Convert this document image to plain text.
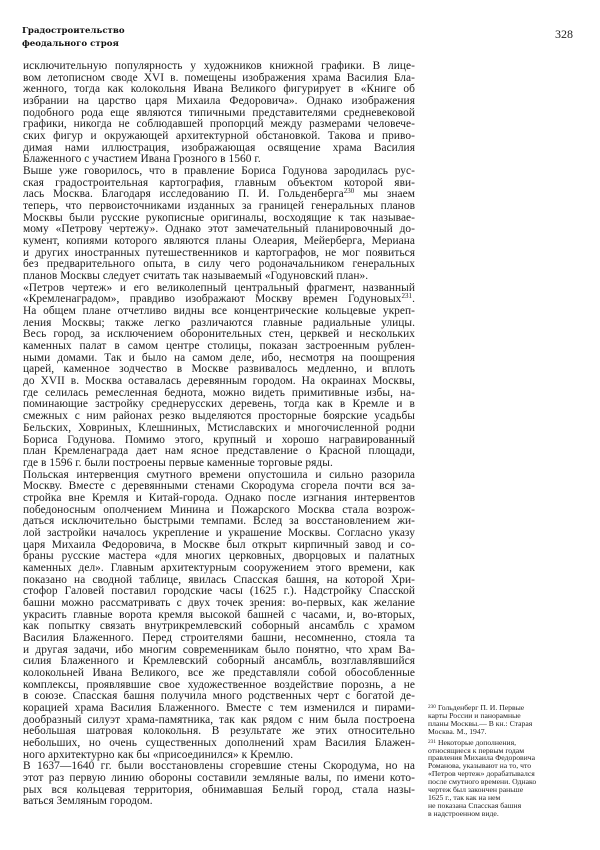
Градостроительство
феодального строя
328
исключительную популярность у художников книжной графики. В лице-
вом летописном своде XVI в. помещены изображения храма Василия Бла-
женного, тогда как колокольня Ивана Великого фигурирует в «Книге об
избрании на царство царя Михаила Федоровича». Однако изображения
подобного рода еще являются типичными представителями средневековой
графики, никогда не соблюдавшей пропорций между размерами человече-
ских фигур и окружающей архитектурной обстановкой. Такова и приво-
димая нами иллюстрация, изображающая освящение храма Василия
Блаженного с участием Ивана Грозного в 1560 г.
Выше уже говорилось, что в правление Бориса Годунова зародилась рус-
ская градостроительная картография, главным объектом которой яви-
лась Москва. Благодаря исследованию П. И. Гольденберга$^{230}$ мы знаем
теперь, что первоисточниками изданных за границей генеральных планов
Москвы были русские рукописные оригиналы, восходящие к так называе-
мому «Петрову чертежу». Однако этот замечательный планировочный до-
кумент, копиями которого являются планы Олеария, Мейерберга, Мериана
и других иностранных путешественников и картографов, не мог появиться
без предварительного опыта, в силу чего родоначальником генеральных
планов Москвы следует считать так называемый «Годуновский план».
«Петров чертеж» и его великолепный центральный фрагмент, названный
«Кремленаградом», правдиво изображают Москву времен Годуновых$^{231}$.
На общем плане отчетливо видны все концентрические кольцевые укреп-
ления Москвы; также легко различаются главные радиальные улицы.
Весь город, за исключением оборонительных стен, церквей и нескольких
каменных палат в самом центре столицы, показан застроенным рублен-
ными домами. Так и было на самом деле, ибо, несмотря на поощрения
царей, каменное зодчество в Москве развивалось медленно, и вплоть
до XVII в. Москва оставалась деревянным городом. На окраинах Москвы,
где селилась ремесленная беднота, можно видеть примитивные избы, на-
поминающие застройку среднерусских деревень, тогда как в Кремле и в
смежных с ним районах резко выделяются просторные боярские усадьбы
Бельских, Ховриных, Клешниных, Мстиславских и многочисленной родни
Бориса Годунова. Помимо этого, крупный и хорошо награвированный
план Кремленаграда дает нам ясное представление о Красной площади,
где в 1596 г. были построены первые каменные торговые ряды.
Польская интервенция смутного времени опустошила и сильно разорила
Москву. Вместе с деревянными стенами Скородума сгорела почти вся за-
стройка вне Кремля и Китай-города. Однако после изгнания интервентов
победоносным ополчением Минина и Пожарского Москва стала возрож-
даться исключительно быстрыми темпами. Вслед за восстановлением жи-
лой застройки началось укрепление и украшение Москвы. Согласно указу
царя Михаила Федоровича, в Москве был открыт кирпичный завод и со-
браны русские мастера «для многих церковных, дворцовых и палатных
каменных дел». Главным архитектурным сооружением этого времени, как
показано на сводной таблице, явилась Спасская башня, на которой Хри-
стофор Галовей поставил городские часы (1625 г.). Надстройку Спасской
башни можно рассматривать с двух точек зрения: во-первых, как желание
украсить главные ворота кремля высокой башней с часами, и, во-вторых,
как попытку связать внутрикремлевский соборный ансамбль с храмом
Василия Блаженного. Перед строителями башни, несомненно, стояла та
и другая задачи, ибо многим современникам было понятно, что храм Ва-
силия Блаженного и Кремлевский соборный ансамбль, возглавлявшийся
колокольней Ивана Великого, все же представляли собой обособленные
комплексы, проявлявшие свое художественное воздействие порознь, а не
в союзе. Спасская башня получила много родственных черт с богатой де-
корацией храма Василия Блаженного. Вместе с тем изменился и пирами-
дообразный силуэт храма-памятника, так как рядом с ним была построена
небольшая шатровая колокольня. В результате же этих относительно
небольших, но очень существенных дополнений храм Василия Блажен-
ного архитектурно как бы «присоединился» к Кремлю.
В 1637—1640 гг. были восстановлены сгоревшие стены Скородума, но на
этот раз первую линию обороны составили земляные валы, по имени кото-
рых вся кольцевая территория, обнимавшая Белый город, стала назы-
ваться Земляным городом.
$^{230}$ Гольденберг П. И. Первые
карты России и панорамные
планы Москвы.— В кн.: Старая
Москва. М., 1947.
$^{231}$ Некоторые дополнения,
относящиеся к первым годам
правления Михаила Федоровича
Романова, указывают на то, что
«Петров чертеж» дорабатывался
после смутного времени. Однако
чертеж был закончен раньше
1625 г., так как на нем
не показана Спасская башня
в надстроенном виде.
